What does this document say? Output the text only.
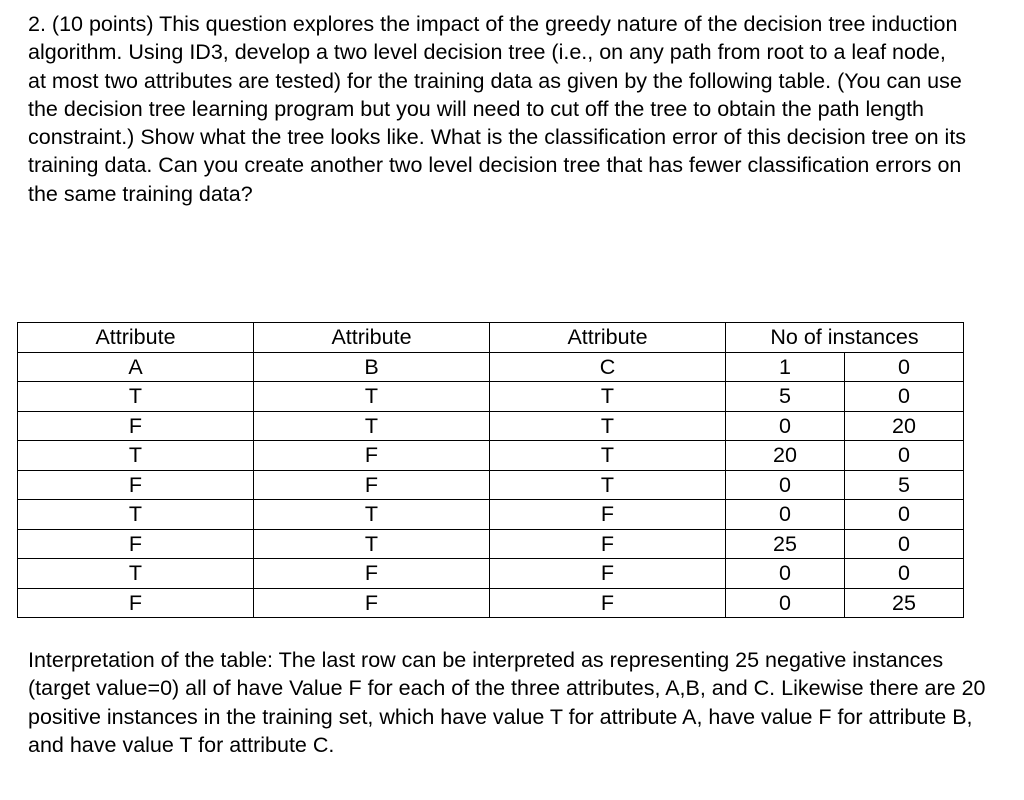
2. (10 points) This question explores the impact of the greedy nature of the decision tree induction algorithm. Using ID3, develop a two level decision tree (i.e., on any path from root to a leaf node, at most two attributes are tested) for the training data as given by the following table. (You can use the decision tree learning program but you will need to cut off the tree to obtain the path length constraint.) Show what the tree looks like. What is the classification error of this decision tree on its training data. Can you create another two level decision tree that has fewer classification errors on the same training data?

Attribute	Attribute	Attribute	No of instances	
A	B	C	1	0
T	T	T	5	0
F	T	T	0	20
T	F	T	20	0
F	F	T	0	5
T	T	F	0	0
F	T	F	25	0
T	F	F	0	0
F	F	F	0	25

Interpretation of the table: The last row can be interpreted as representing 25 negative instances (target value=0) all of have Value F for each of the three attributes, A,B, and C. Likewise there are 20 positive instances in the training set, which have value T for attribute A, have value F for attribute B, and have value T for attribute C.
